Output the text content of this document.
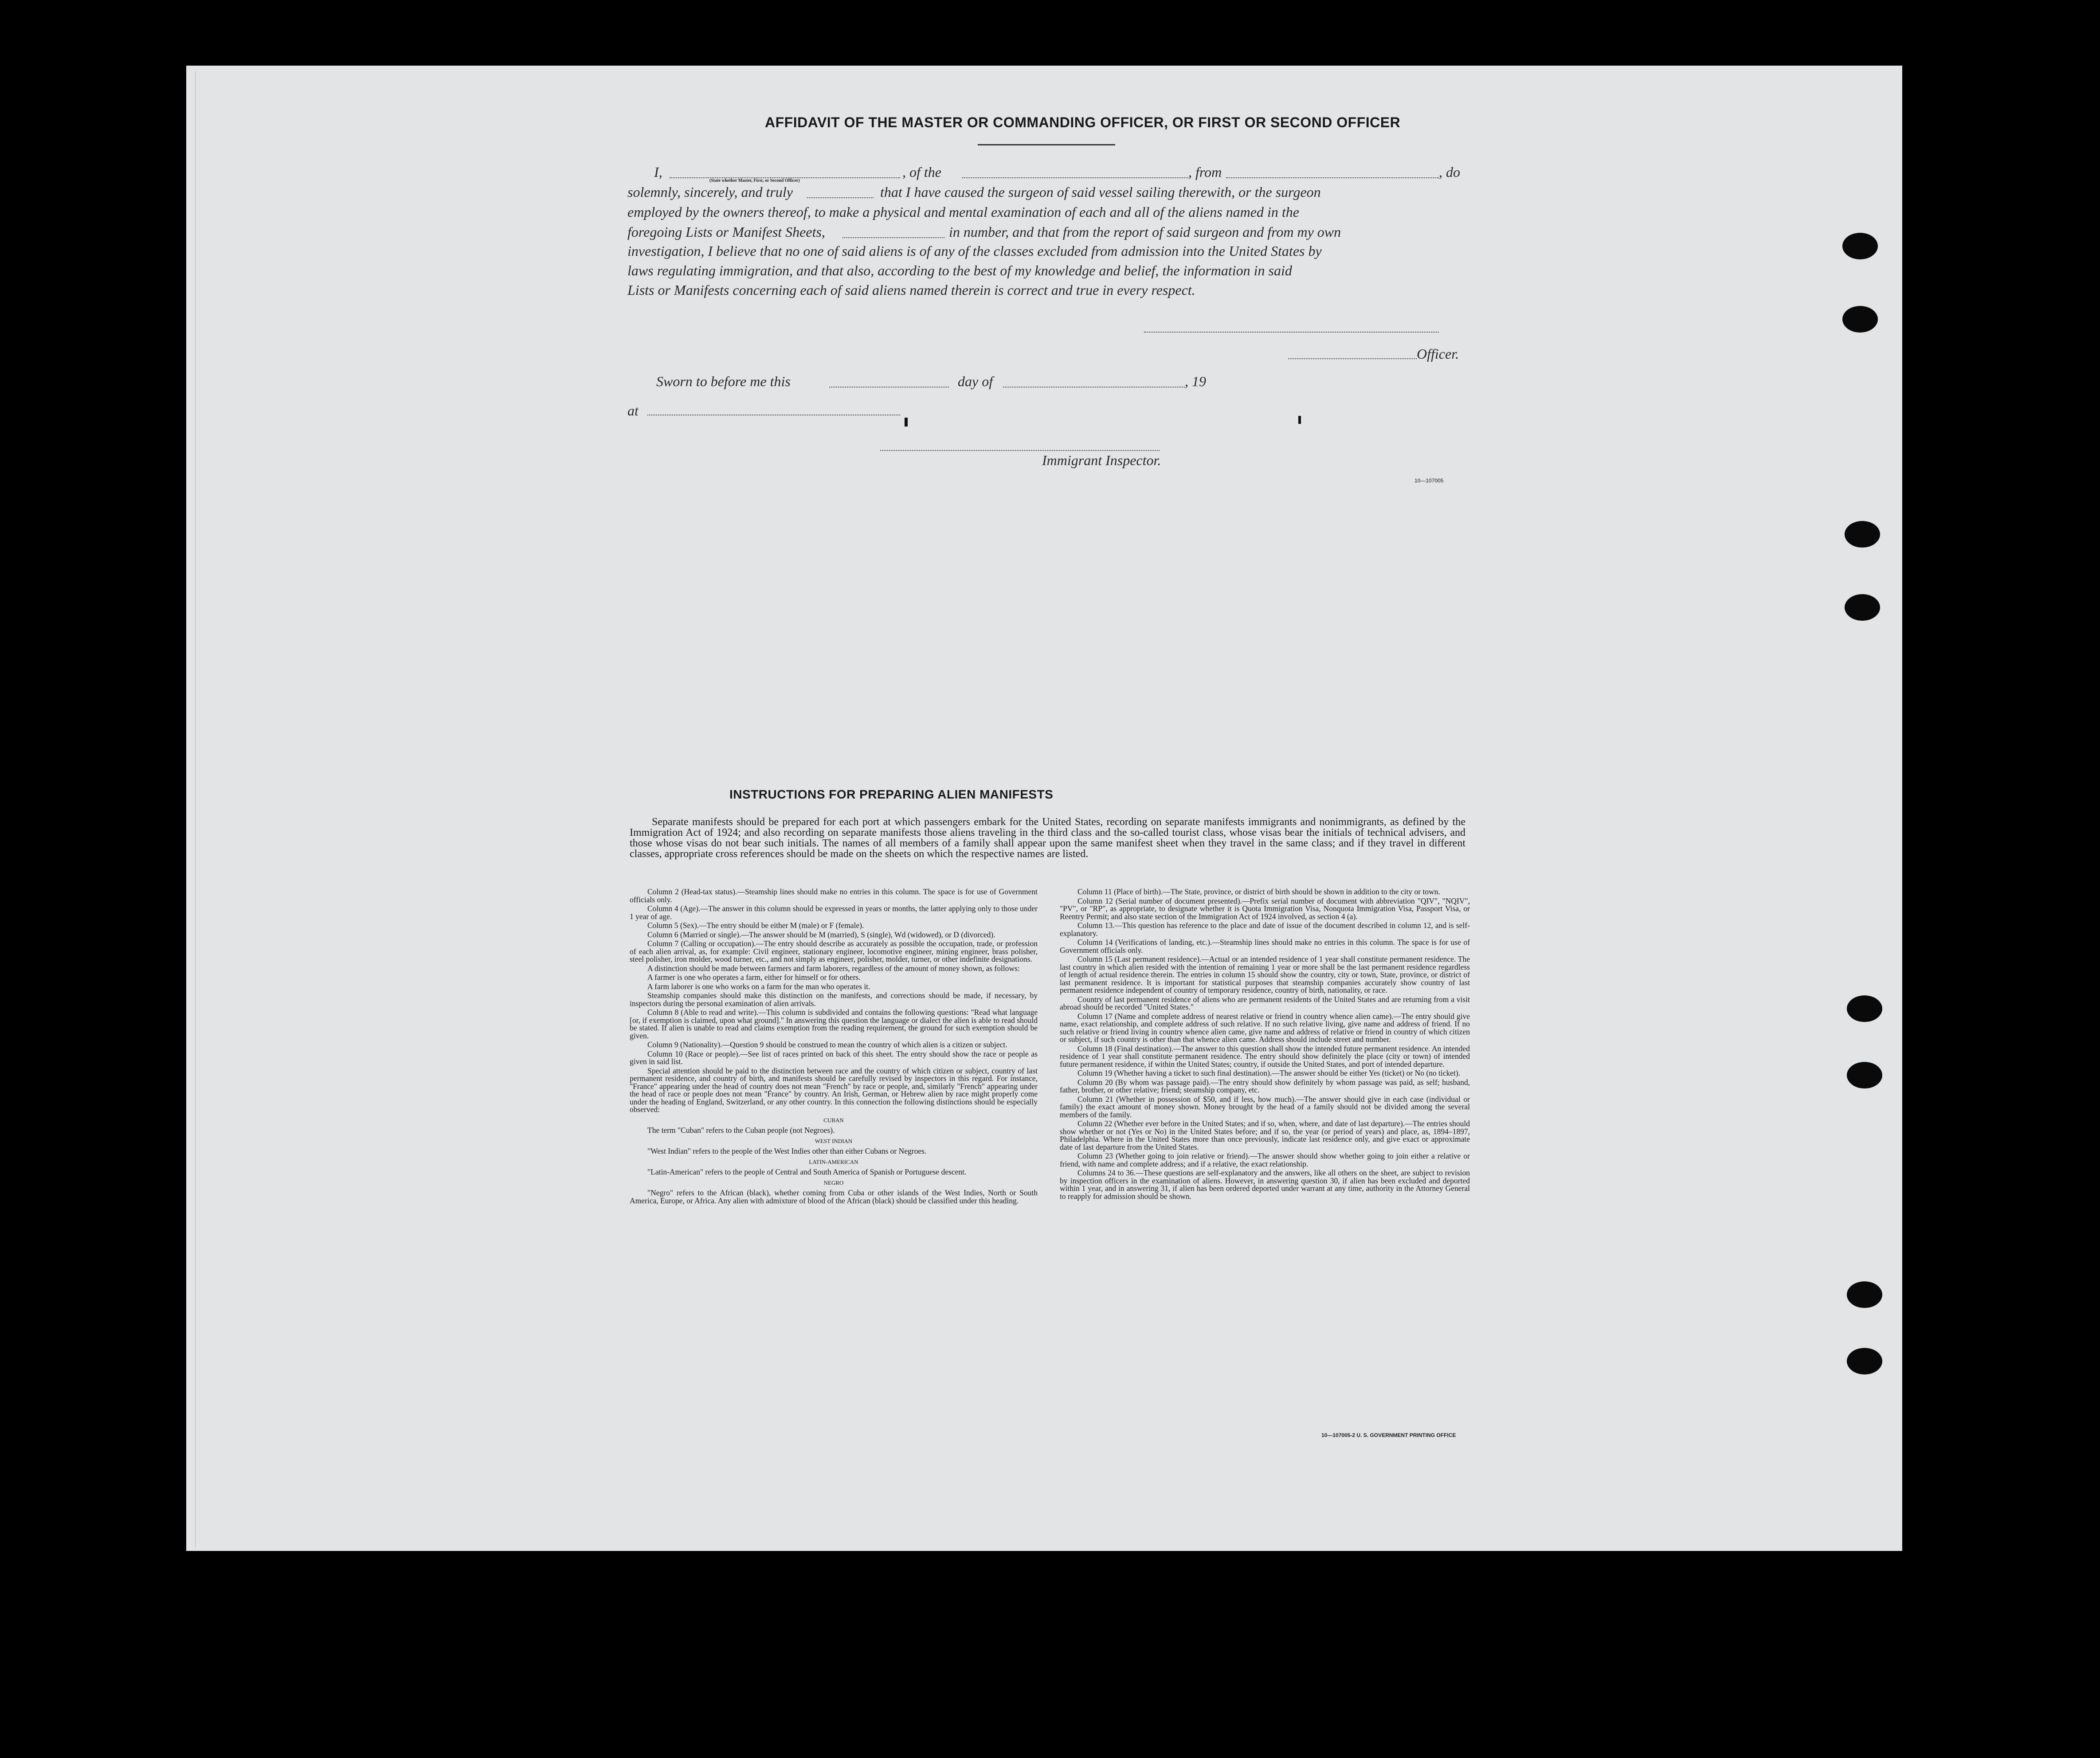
AFFIDAVIT OF THE MASTER OR COMMANDING OFFICER, OR FIRST OR SECOND OFFICER
I,
(State whether Master, First, or Second Officer)
, of the	, from	, do
solemnly, sincerely, and truly	that I have caused the surgeon of said vessel sailing therewith, or the surgeon
employed by the owners thereof, to make a physical and mental examination of each and all of the aliens named in the
foregoing Lists or Manifest Sheets,	in number, and that from the report of said surgeon and from my own
investigation, I believe that no one of said aliens is of any of the classes excluded from admission into the United States by
laws regulating immigration, and that also, according to the best of my knowledge and belief, the information in said
Lists or Manifests concerning each of said aliens named therein is correct and true in every respect.
Officer.
Sworn to before me this	day of	, 19
at
Immigrant Inspector.
10—107005
INSTRUCTIONS FOR PREPARING ALIEN MANIFESTS
Separate manifests should be prepared for each port at which passengers embark for the United States, recording on separate manifests immigrants and nonimmigrants, as defined by the Immigration Act of 1924; and also recording on separate manifests those aliens traveling in the third class and the so-called tourist class, whose visas bear the initials of technical advisers, and those whose visas do not bear such initials. The names of all members of a family shall appear upon the same manifest sheet when they travel in the same class; and if they travel in different classes, appropriate cross references should be made on the sheets on which the respective names are listed.

Column 2 (Head-tax status).—Steamship lines should make no entries in this column. The space is for use of Government officials only.

Column 4 (Age).—The answer in this column should be expressed in years or months, the latter applying only to those under 1 year of age.

Column 5 (Sex).—The entry should be either M (male) or F (female).

Column 6 (Married or single).—The answer should be M (married), S (single), Wd (widowed), or D (divorced).

Column 7 (Calling or occupation).—The entry should describe as accurately as possible the occupation, trade, or profession of each alien arrival, as, for example: Civil engineer, stationary engineer, locomotive engineer, mining engineer, brass polisher, steel polisher, iron molder, wood turner, etc., and not simply as engineer, polisher, molder, turner, or other indefinite designations.

A distinction should be made between farmers and farm laborers, regardless of the amount of money shown, as follows:

A farmer is one who operates a farm, either for himself or for others.

A farm laborer is one who works on a farm for the man who operates it.

Steamship companies should make this distinction on the manifests, and corrections should be made, if necessary, by inspectors during the personal examination of alien arrivals.

Column 8 (Able to read and write).—This column is subdivided and contains the following questions: "Read what language [or, if exemption is claimed, upon what ground]." In answering this question the language or dialect the alien is able to read should be stated. If alien is unable to read and claims exemption from the reading requirement, the ground for such exemption should be given.

Column 9 (Nationality).—Question 9 should be construed to mean the country of which alien is a citizen or subject.

Column 10 (Race or people).—See list of races printed on back of this sheet. The entry should show the race or people as given in said list.

Special attention should be paid to the distinction between race and the country of which citizen or subject, country of last permanent residence, and country of birth, and manifests should be carefully revised by inspectors in this regard. For instance, "France" appearing under the head of country does not mean "French" by race or people, and, similarly "French" appearing under the head of race or people does not mean "France" by country. An Irish, German, or Hebrew alien by race might properly come under the heading of England, Switzerland, or any other country. In this connection the following distinctions should be especially observed:

CUBAN

The term "Cuban" refers to the Cuban people (not Negroes).

WEST INDIAN

"West Indian" refers to the people of the West Indies other than either Cubans or Negroes.

LATIN-AMERICAN

"Latin-American" refers to the people of Central and South America of Spanish or Portuguese descent.

NEGRO

"Negro" refers to the African (black), whether coming from Cuba or other islands of the West Indies, North or South America, Europe, or Africa. Any alien with admixture of blood of the African (black) should be classified under this heading.

Column 11 (Place of birth).—The State, province, or district of birth should be shown in addition to the city or town.

Column 12 (Serial number of document presented).—Prefix serial number of document with abbreviation "QIV", "NQIV", "PV", or "RP", as appropriate, to designate whether it is Quota Immigration Visa, Nonquota Immigration Visa, Passport Visa, or Reentry Permit; and also state section of the Immigration Act of 1924 involved, as section 4 (a).

Column 13.—This question has reference to the place and date of issue of the document described in column 12, and is self-explanatory.

Column 14 (Verifications of landing, etc.).—Steamship lines should make no entries in this column. The space is for use of Government officials only.

Column 15 (Last permanent residence).—Actual or an intended residence of 1 year shall constitute permanent residence. The last country in which alien resided with the intention of remaining 1 year or more shall be the last permanent residence regardless of length of actual residence therein. The entries in column 15 should show the country, city or town, State, province, or district of last permanent residence. It is important for statistical purposes that steamship companies accurately show country of last permanent residence independent of country of temporary residence, country of birth, nationality, or race.

Country of last permanent residence of aliens who are permanent residents of the United States and are returning from a visit abroad should be recorded "United States."

Column 17 (Name and complete address of nearest relative or friend in country whence alien came).—The entry should give name, exact relationship, and complete address of such relative. If no such relative living, give name and address of friend. If no such relative or friend living in country whence alien came, give name and address of relative or friend in country of which citizen or subject, if such country is other than that whence alien came. Address should include street and number.

Column 18 (Final destination).—The answer to this question shall show the intended future permanent residence. An intended residence of 1 year shall constitute permanent residence. The entry should show definitely the place (city or town) of intended future permanent residence, if within the United States; country, if outside the United States, and port of intended departure.

Column 19 (Whether having a ticket to such final destination).—The answer should be either Yes (ticket) or No (no ticket).

Column 20 (By whom was passage paid).—The entry should show definitely by whom passage was paid, as self; husband, father, brother, or other relative; friend; steamship company, etc.

Column 21 (Whether in possession of $50, and if less, how much).—The answer should give in each case (individual or family) the exact amount of money shown. Money brought by the head of a family should not be divided among the several members of the family.

Column 22 (Whether ever before in the United States; and if so, when, where, and date of last departure).—The entries should show whether or not (Yes or No) in the United States before; and if so, the year (or period of years) and place, as, 1894–1897, Philadelphia. Where in the United States more than once previously, indicate last residence only, and give exact or approximate date of last departure from the United States.

Column 23 (Whether going to join relative or friend).—The answer should show whether going to join either a relative or friend, with name and complete address; and if a relative, the exact relationship.

Columns 24 to 36.—These questions are self-explanatory and the answers, like all others on the sheet, are subject to revision by inspection officers in the examination of aliens. However, in answering question 30, if alien has been excluded and deported within 1 year, and in answering 31, if alien has been ordered deported under warrant at any time, authority in the Attorney General to reapply for admission should be shown.

10—107005-2 U. S. GOVERNMENT PRINTING OFFICE
